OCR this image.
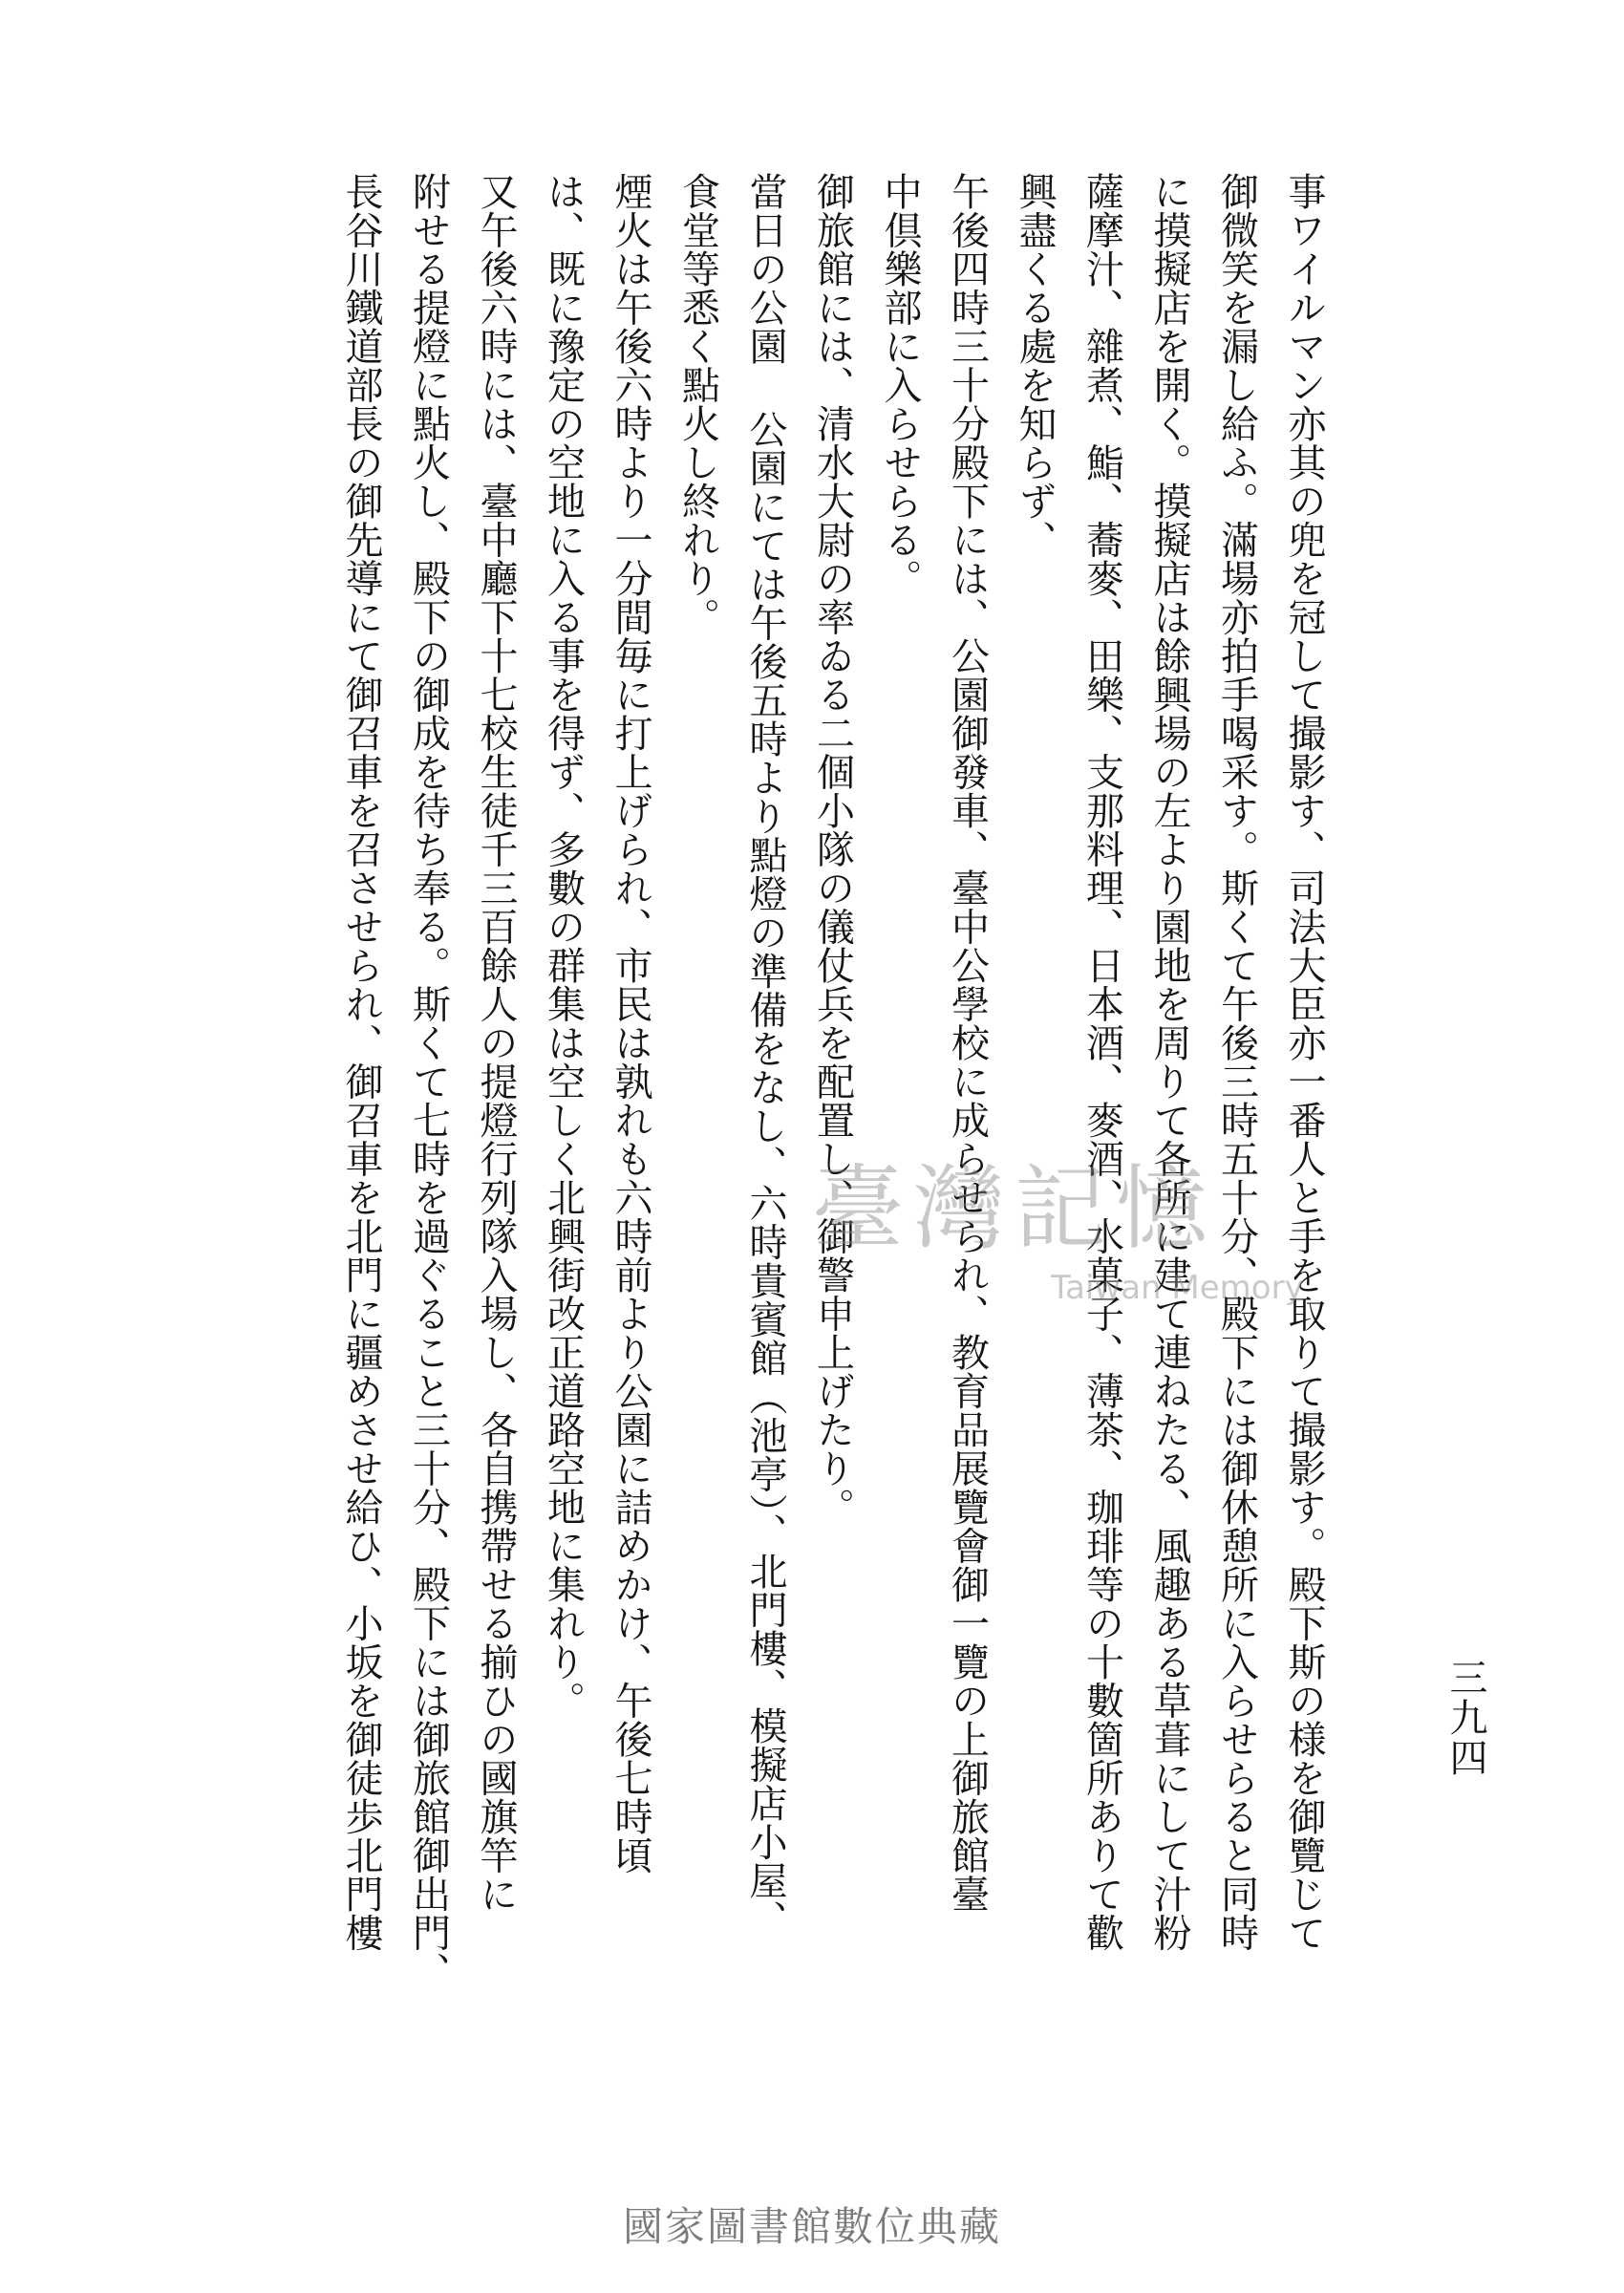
三九四
事ワイルマン亦其の兜を冠して撮影す、司法大臣亦一番人と手を取りて撮影す。殿下斯の様を御覽じて
御微笑を漏し給ふ。滿場亦拍手喝采す。斯くて午後三時五十分、殿下には御休憩所に入らせらると同時
に摸擬店を開く。摸擬店は餘興場の左より園地を周りて各所に建て連ねたる、風趣ある草葺にして汁粉
薩摩汁、雜煮、鮨、蕎麥、田樂、支那料理、日本酒、麥酒、水菓子、薄茶、珈琲等の十數箇所ありて歡
興盡くる處を知らず、
午後四時三十分殿下には、公園御發車、臺中公學校に成らせられ、教育品展覽會御一覽の上御旅館臺
中倶樂部に入らせらる。
御旅館には、清水大尉の率ゐる二個小隊の儀仗兵を配置し、御警申上げたり。
當日の公園 公園にては午後五時より點燈の準備をなし、六時貴賓館（池亭）、北門樓、模擬店小屋、
食堂等悉く點火し終れり。
煙火は午後六時より一分間毎に打上げられ、市民は孰れも六時前より公園に詰めかけ、午後七時頃
は、既に豫定の空地に入る事を得ず、多數の群集は空しく北興街改正道路空地に集れり。
又午後六時には、臺中廳下十七校生徒千三百餘人の提燈行列隊入場し、各自携帶せる揃ひの國旗竿に
附せる提燈に點火し、殿下の御成を待ち奉る。斯くて七時を過ぐること三十分、殿下には御旅館御出門、
長谷川鐵道部長の御先導にて御召車を召させられ、御召車を北門に疆めさせ給ひ、小坂を御徒歩北門樓	臺灣記憶
Taiwan Memory
國家圖書館數位典藏
